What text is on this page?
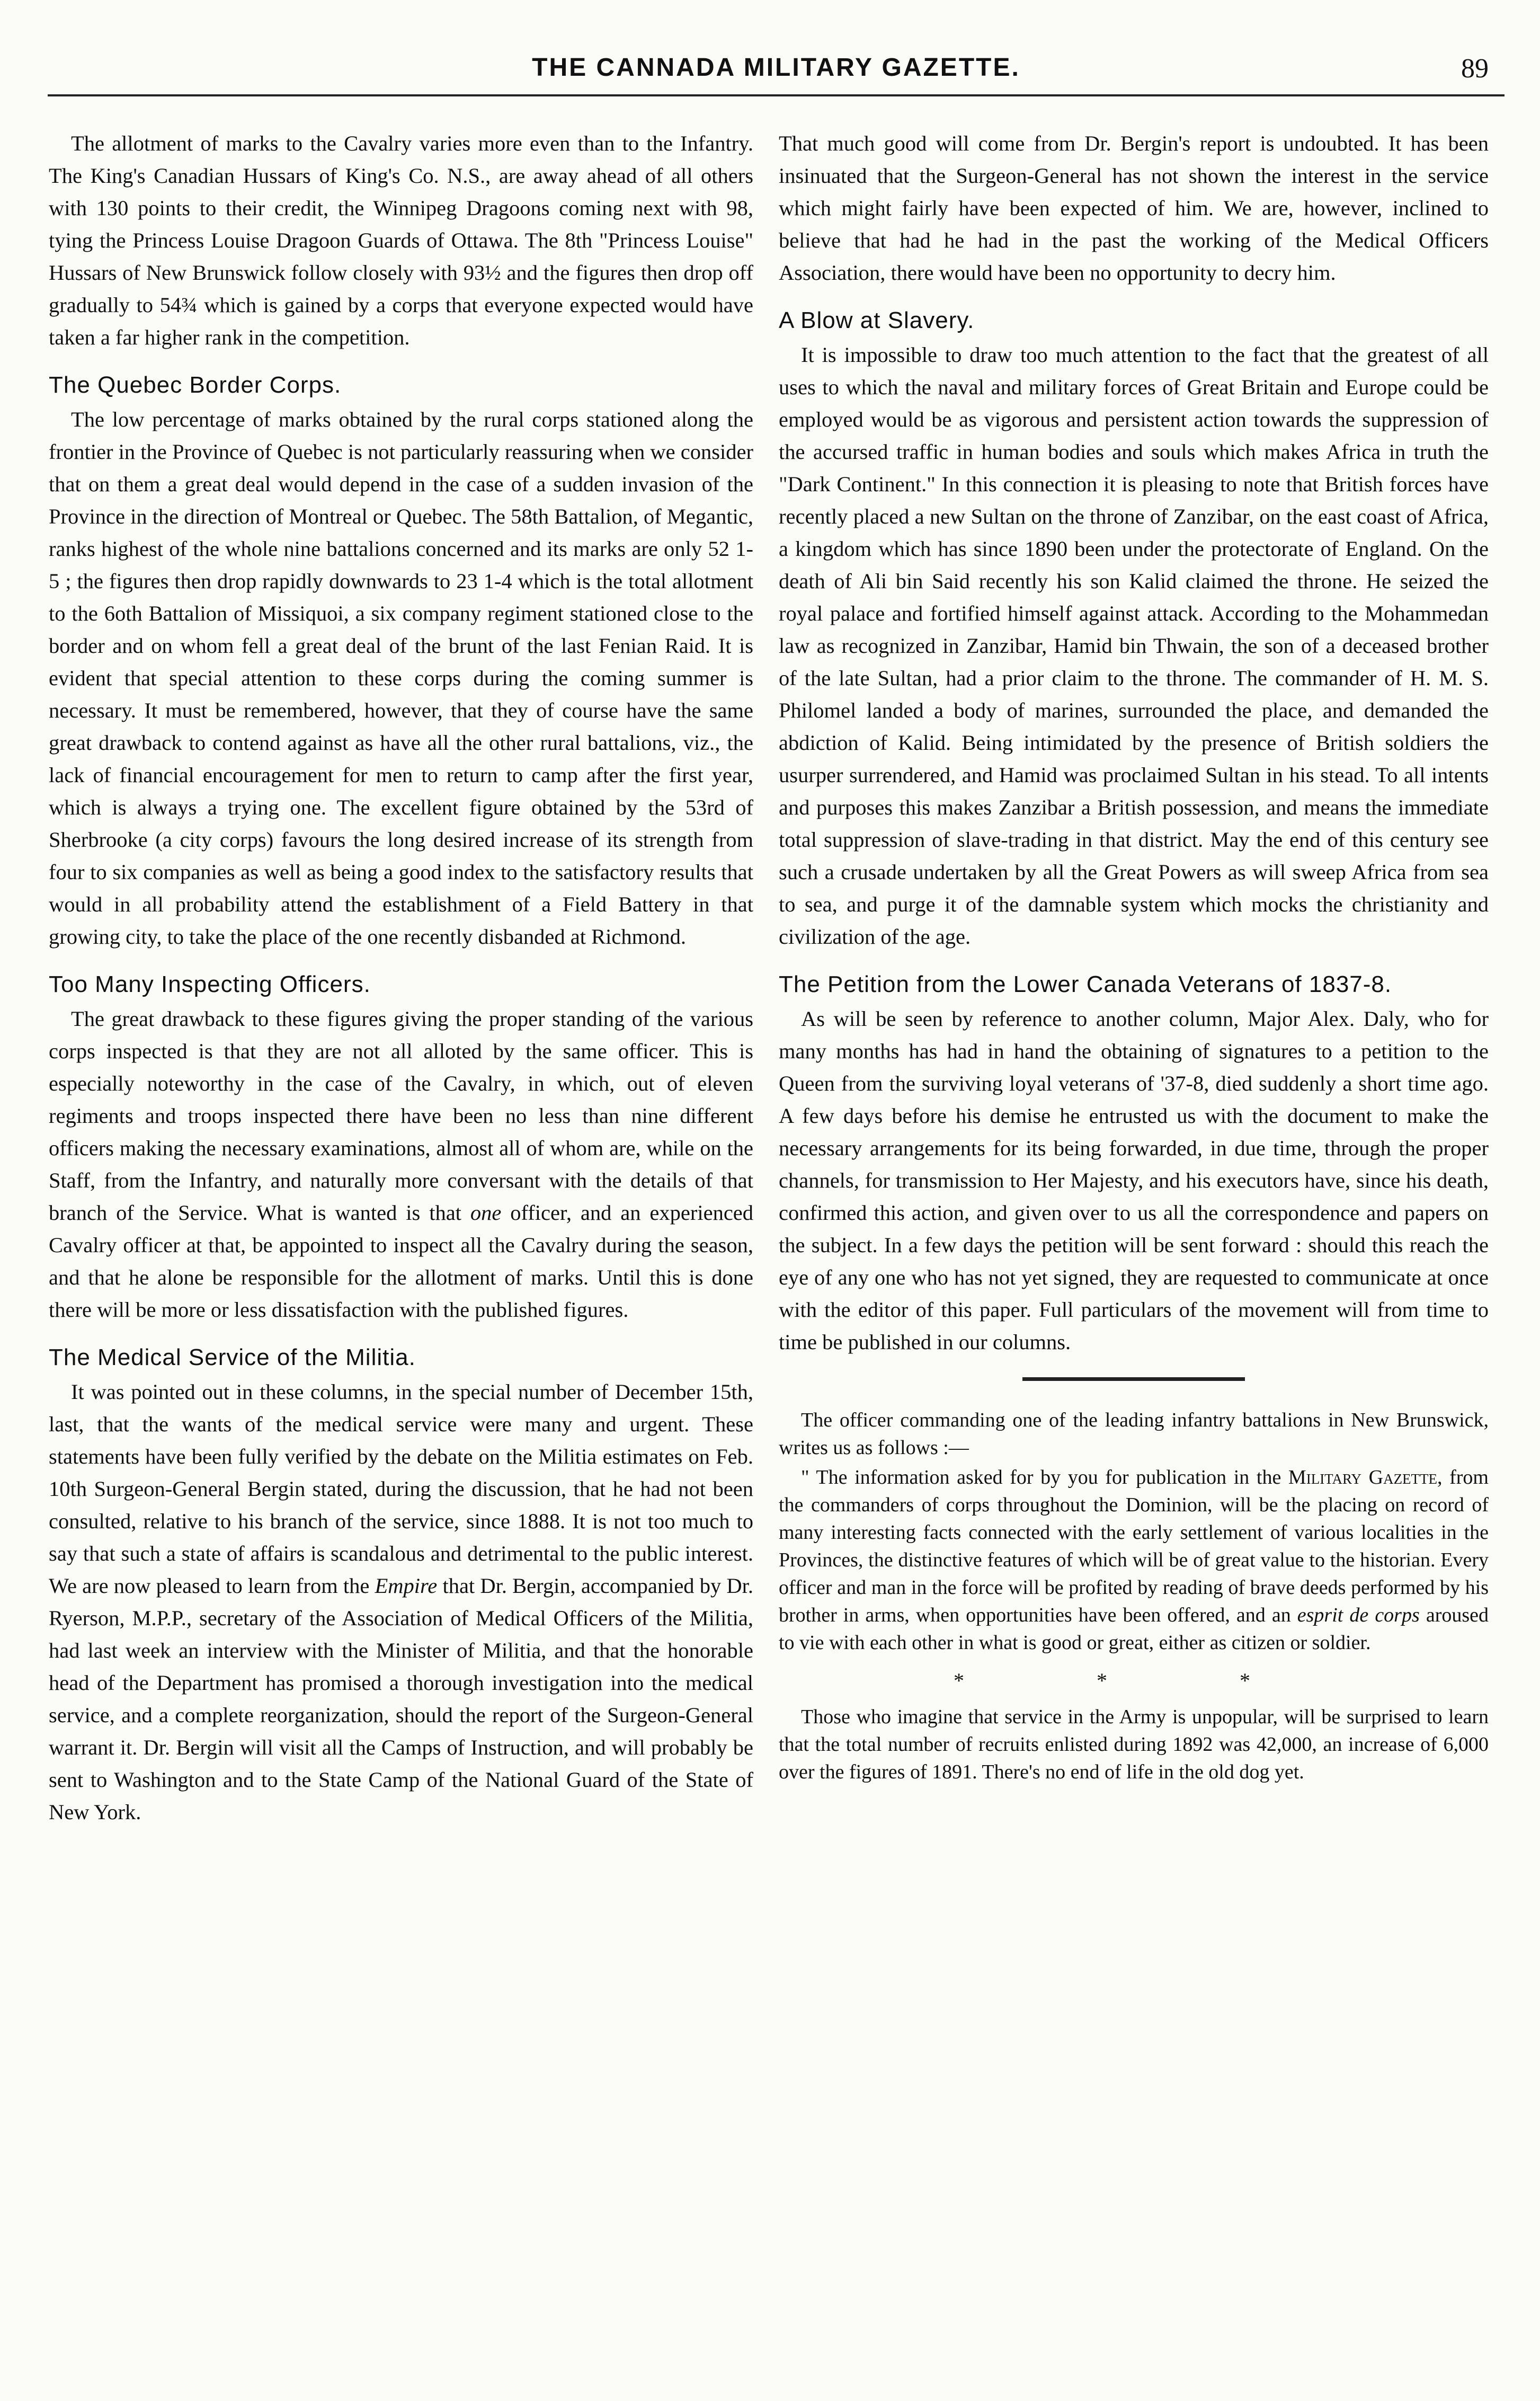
THE CANNADA MILITARY GAZETTE.	89

The allotment of marks to the Cavalry varies more even than to the Infantry. The King's Canadian Hussars of King's Co. N.S., are away ahead of all others with 130 points to their credit, the Winnipeg Dragoons coming next with 98, tying the Princess Louise Dragoon Guards of Ottawa. The 8th "Princess Louise" Hussars of New Brunswick follow closely with 93½ and the figures then drop off gradually to 54¾ which is gained by a corps that everyone expected would have taken a far higher rank in the competition.

The Quebec Border Corps.

The low percentage of marks obtained by the rural corps stationed along the frontier in the Province of Quebec is not particularly reassuring when we consider that on them a great deal would depend in the case of a sudden invasion of the Province in the direction of Montreal or Quebec. The 58th Battalion, of Megantic, ranks highest of the whole nine battalions concerned and its marks are only 52 1-5 ; the figures then drop rapidly downwards to 23 1-4 which is the total allotment to the 6oth Battalion of Missiquoi, a six company regiment stationed close to the border and on whom fell a great deal of the brunt of the last Fenian Raid. It is evident that special attention to these corps during the coming summer is necessary. It must be remembered, however, that they of course have the same great drawback to contend against as have all the other rural battalions, viz., the lack of financial encouragement for men to return to camp after the first year, which is always a trying one. The excellent figure obtained by the 53rd of Sherbrooke (a city corps) favours the long desired increase of its strength from four to six companies as well as being a good index to the satisfactory results that would in all probability attend the establishment of a Field Battery in that growing city, to take the place of the one recently disbanded at Richmond.

Too Many Inspecting Officers.

The great drawback to these figures giving the proper standing of the various corps inspected is that they are not all alloted by the same officer. This is especially noteworthy in the case of the Cavalry, in which, out of eleven regiments and troops inspected there have been no less than nine different officers making the necessary examinations, almost all of whom are, while on the Staff, from the Infantry, and naturally more conversant with the details of that branch of the Service. What is wanted is that one officer, and an experienced Cavalry officer at that, be appointed to inspect all the Cavalry during the season, and that he alone be responsible for the allotment of marks. Until this is done there will be more or less dissatisfaction with the published figures.

The Medical Service of the Militia.

It was pointed out in these columns, in the special number of December 15th, last, that the wants of the medical service were many and urgent. These statements have been fully verified by the debate on the Militia estimates on Feb. 10th Surgeon-General Bergin stated, during the discussion, that he had not been consulted, relative to his branch of the service, since 1888. It is not too much to say that such a state of affairs is scandalous and detrimental to the public interest. We are now pleased to learn from the Empire that Dr. Bergin, accompanied by Dr. Ryerson, M.P.P., secretary of the Association of Medical Officers of the Militia, had last week an interview with the Minister of Militia, and that the honorable head of the Department has promised a thorough investigation into the medical service, and a complete reorganization, should the report of the Surgeon-General warrant it. Dr. Bergin will visit all the Camps of Instruction, and will probably be sent to Washington and to the State Camp of the National Guard of the State of New York.

That much good will come from Dr. Bergin's report is undoubted. It has been insinuated that the Surgeon-General has not shown the interest in the service which might fairly have been expected of him. We are, however, inclined to believe that had he had in the past the working of the Medical Officers Association, there would have been no opportunity to decry him.

A Blow at Slavery.

It is impossible to draw too much attention to the fact that the greatest of all uses to which the naval and military forces of Great Britain and Europe could be employed would be as vigorous and persistent action towards the suppression of the accursed traffic in human bodies and souls which makes Africa in truth the "Dark Continent." In this connection it is pleasing to note that British forces have recently placed a new Sultan on the throne of Zanzibar, on the east coast of Africa, a kingdom which has since 1890 been under the protectorate of England. On the death of Ali bin Said recently his son Kalid claimed the throne. He seized the royal palace and fortified himself against attack. According to the Mohammedan law as recognized in Zanzibar, Hamid bin Thwain, the son of a deceased brother of the late Sultan, had a prior claim to the throne. The commander of H. M. S. Philomel landed a body of marines, surrounded the place, and demanded the abdiction of Kalid. Being intimidated by the presence of British soldiers the usurper surrendered, and Hamid was proclaimed Sultan in his stead. To all intents and purposes this makes Zanzibar a British possession, and means the immediate total suppression of slave-trading in that district. May the end of this century see such a crusade undertaken by all the Great Powers as will sweep Africa from sea to sea, and purge it of the damnable system which mocks the christianity and civilization of the age.

The Petition from the Lower Canada Veterans of 1837-8.

As will be seen by reference to another column, Major Alex. Daly, who for many months has had in hand the obtaining of signatures to a petition to the Queen from the surviving loyal veterans of '37-8, died suddenly a short time ago. A few days before his demise he entrusted us with the document to make the necessary arrangements for its being forwarded, in due time, through the proper channels, for transmission to Her Majesty, and his executors have, since his death, confirmed this action, and given over to us all the correspondence and papers on the subject. In a few days the petition will be sent forward : should this reach the eye of any one who has not yet signed, they are requested to communicate at once with the editor of this paper. Full particulars of the movement will from time to time be published in our columns.

The officer commanding one of the leading infantry battalions in New Brunswick, writes us as follows :—

" The information asked for by you for publication in the Military Gazette, from the commanders of corps throughout the Dominion, will be the placing on record of many interesting facts connected with the early settlement of various localities in the Provinces, the distinctive features of which will be of great value to the historian. Every officer and man in the force will be profited by reading of brave deeds performed by his brother in arms, when opportunities have been offered, and an esprit de corps aroused to vie with each other in what is good or great, either as citizen or soldier.

* * *

Those who imagine that service in the Army is unpopular, will be surprised to learn that the total number of recruits enlisted during 1892 was 42,000, an increase of 6,000 over the figures of 1891. There's no end of life in the old dog yet.
